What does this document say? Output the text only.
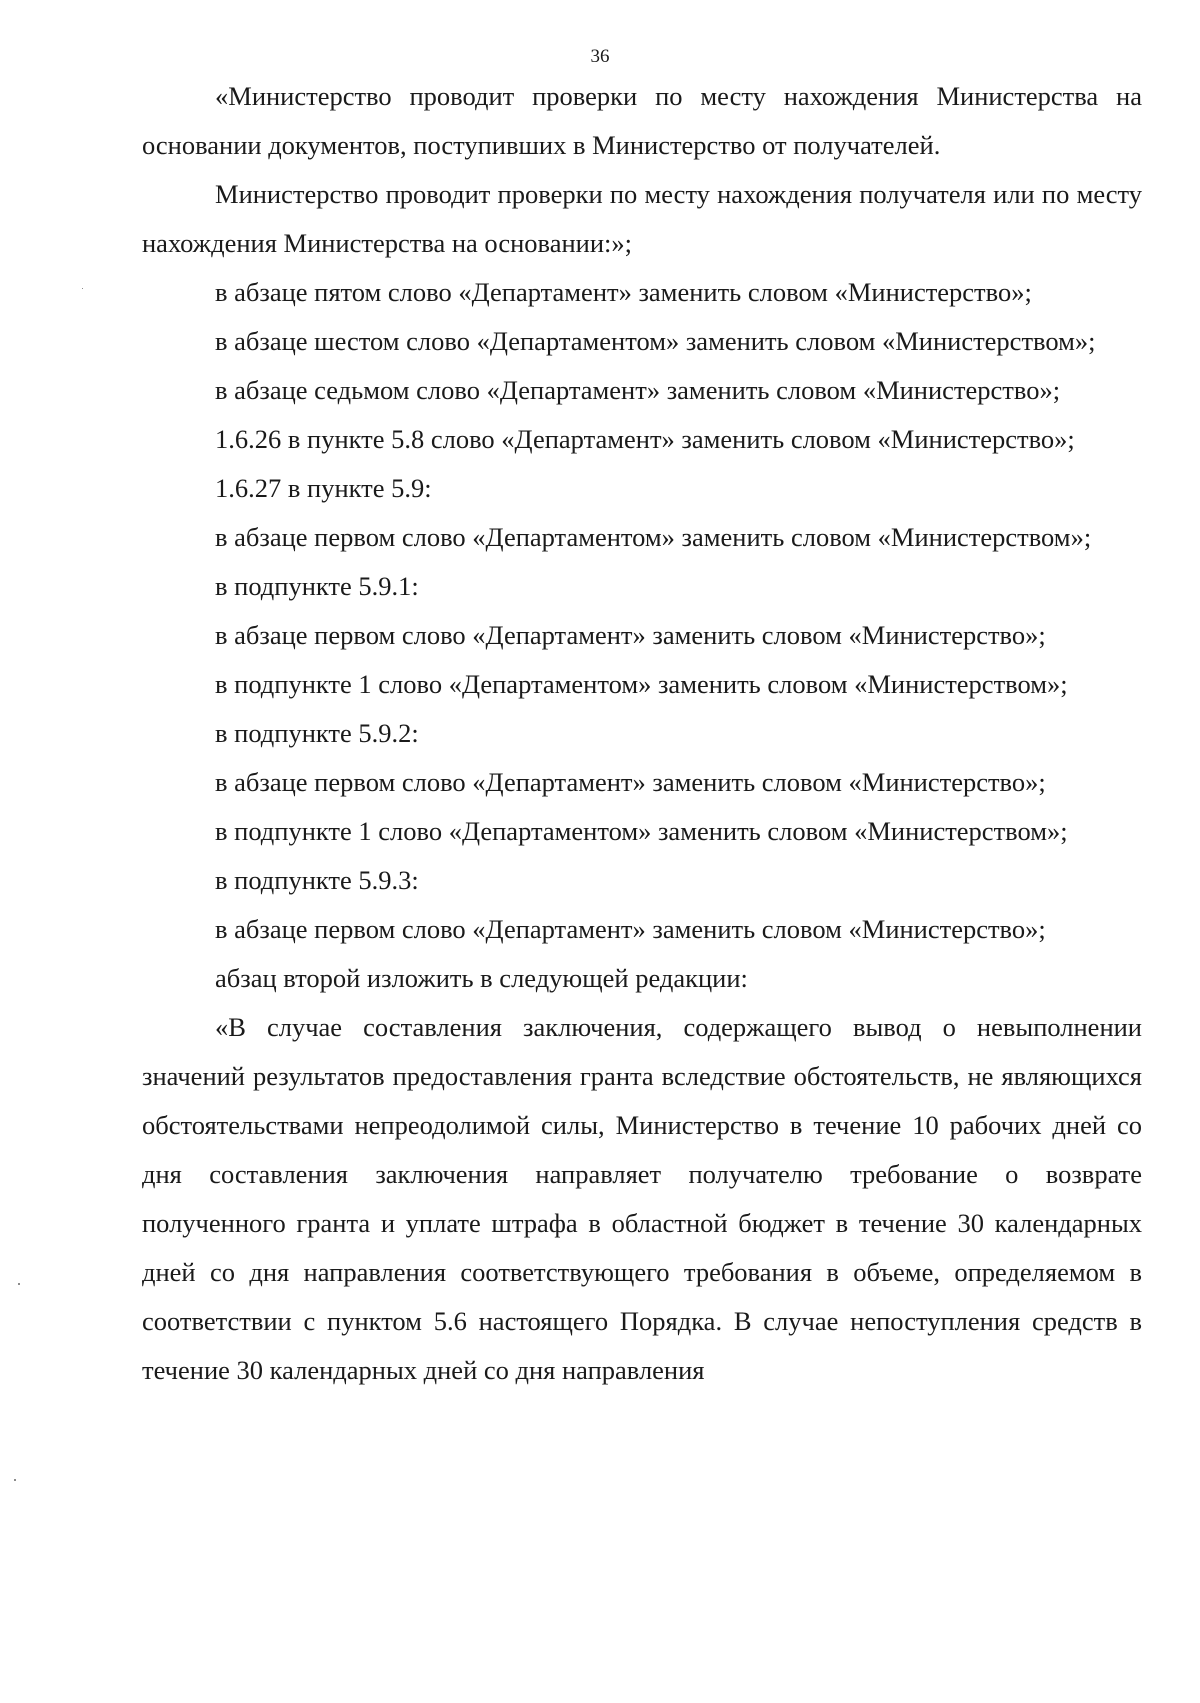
36

«Министерство проводит проверки по месту нахождения Министерства на основании документов, поступивших в Министерство от получателей.

Министерство проводит проверки по месту нахождения получателя или по месту нахождения Министерства на основании:»;

в абзаце пятом слово «Департамент» заменить словом «Министерство»;

в абзаце шестом слово «Департаментом» заменить словом «Министерством»;

в абзаце седьмом слово «Департамент» заменить словом «Министерство»;

1.6.26 в пункте 5.8 слово «Департамент» заменить словом «Министерство»;

1.6.27 в пункте 5.9:

в абзаце первом слово «Департаментом» заменить словом «Министерством»;

в подпункте 5.9.1:

в абзаце первом слово «Департамент» заменить словом «Министерство»;

в подпункте 1 слово «Департаментом» заменить словом «Министерством»;

в подпункте 5.9.2:

в абзаце первом слово «Департамент» заменить словом «Министерство»;

в подпункте 1 слово «Департаментом» заменить словом «Министерством»;

в подпункте 5.9.3:

в абзаце первом слово «Департамент» заменить словом «Министерство»;

абзац второй изложить в следующей редакции:

«В случае составления заключения, содержащего вывод о невыполнении значений результатов предоставления гранта вследствие обстоятельств, не являющихся обстоятельствами непреодолимой силы, Министерство в течение 10 рабочих дней со дня составления заключения направляет получателю требование о возврате полученного гранта и уплате штрафа в областной бюджет в течение 30 календарных дней со дня направления соответствующего требования в объеме, определяемом в соответствии с пунктом 5.6 настоящего Порядка. В случае непоступления средств в течение 30 календарных дней со дня направления
